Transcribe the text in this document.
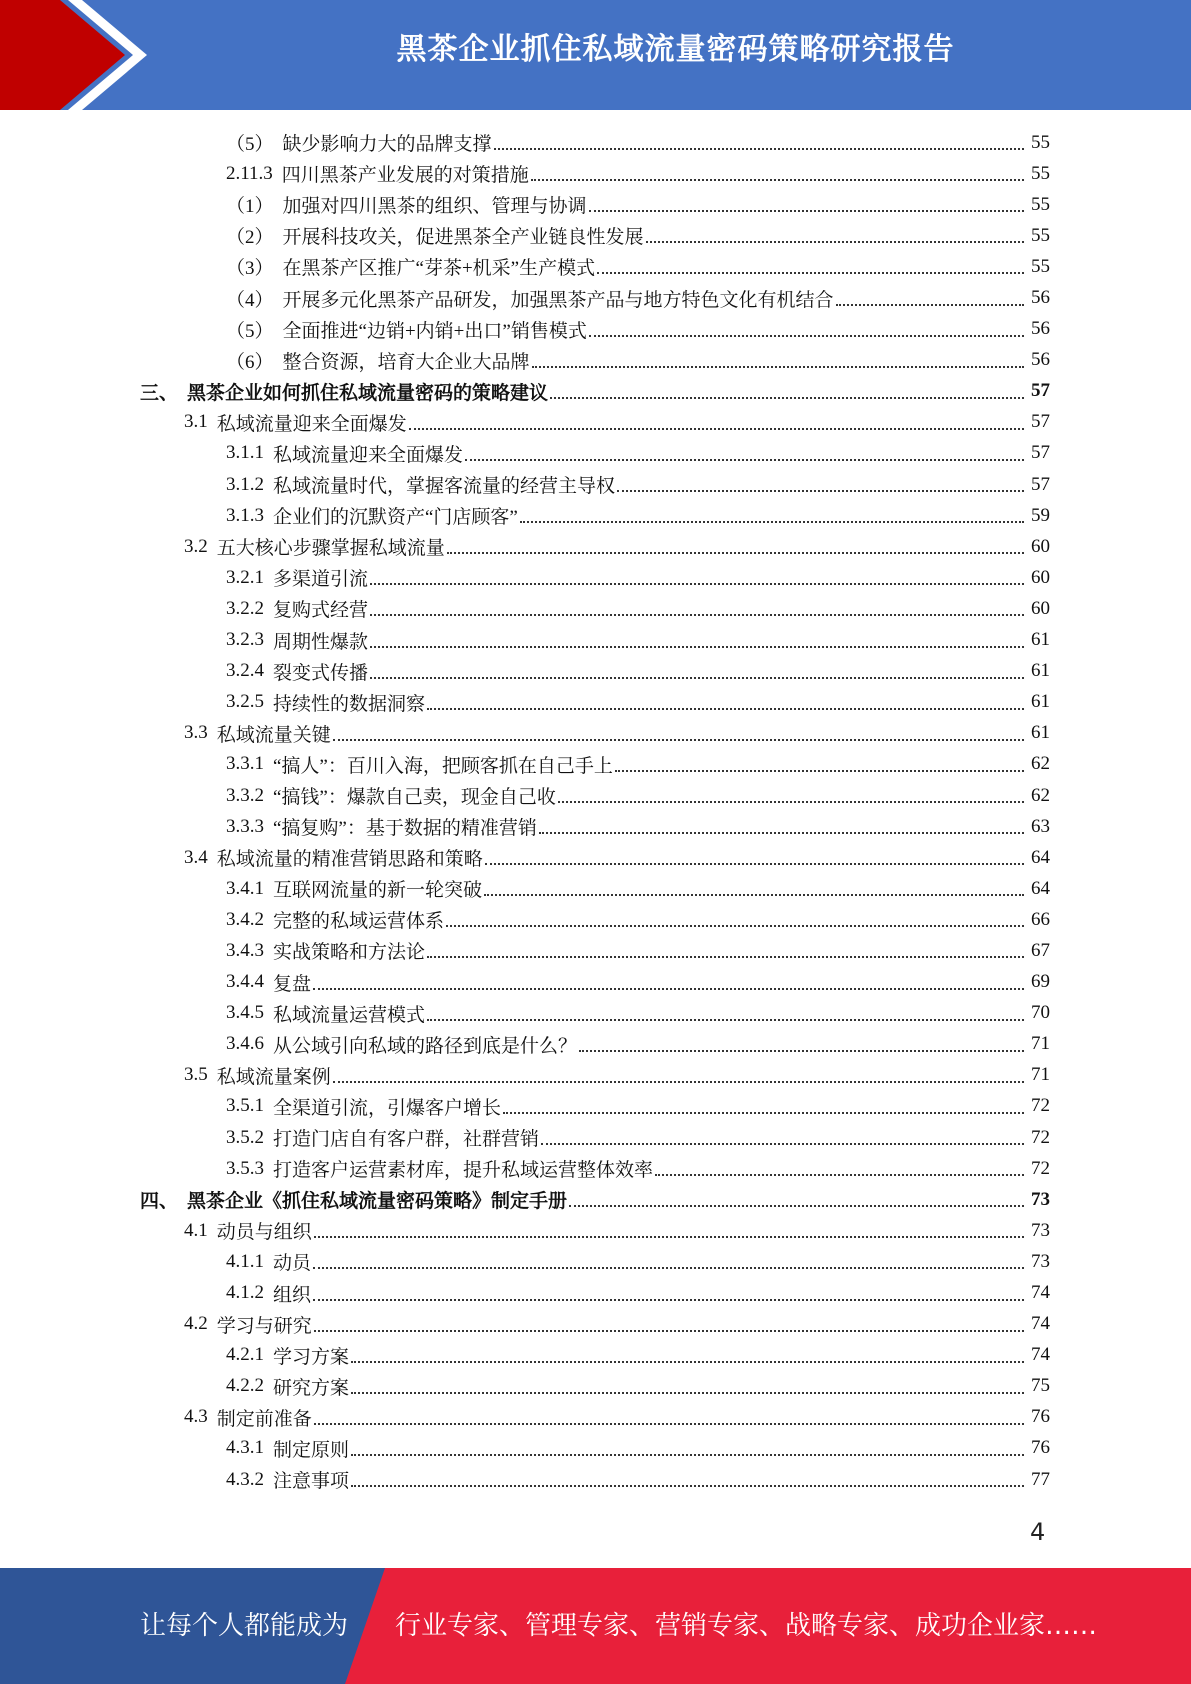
黑茶企业抓住私域流量密码策略研究报告
（5） 缺少影响力大的品牌支撑	55
2.11.3 四川黑茶产业发展的对策措施	55
（1） 加强对四川黑茶的组织、管理与协调	55
（2） 开展科技攻关，促进黑茶全产业链良性发展	55
（3） 在黑茶产区推广“芽茶+机采”生产模式	55
（4） 开展多元化黑茶产品研发，加强黑茶产品与地方特色文化有机结合	56
（5） 全面推进“边销+内销+出口”销售模式	56
（6） 整合资源，培育大企业大品牌	56
三、 黑茶企业如何抓住私域流量密码的策略建议	57
3.1 私域流量迎来全面爆发	57
3.1.1 私域流量迎来全面爆发	57
3.1.2 私域流量时代，掌握客流量的经营主导权	57
3.1.3 企业们的沉默资产“门店顾客”	59
3.2 五大核心步骤掌握私域流量	60
3.2.1 多渠道引流	60
3.2.2 复购式经营	60
3.2.3 周期性爆款	61
3.2.4 裂变式传播	61
3.2.5 持续性的数据洞察	61
3.3 私域流量关键	61
3.3.1 “搞人”：百川入海，把顾客抓在自己手上	62
3.3.2 “搞钱”：爆款自己卖，现金自己收	62
3.3.3 “搞复购”：基于数据的精准营销	63
3.4 私域流量的精准营销思路和策略	64
3.4.1 互联网流量的新一轮突破	64
3.4.2 完整的私域运营体系	66
3.4.3 实战策略和方法论	67
3.4.4 复盘	69
3.4.5 私域流量运营模式	70
3.4.6 从公域引向私域的路径到底是什么？	71
3.5 私域流量案例	71
3.5.1 全渠道引流，引爆客户增长	72
3.5.2 打造门店自有客户群，社群营销	72
3.5.3 打造客户运营素材库，提升私域运营整体效率	72
四、 黑茶企业《抓住私域流量密码策略》制定手册	73
4.1 动员与组织	73
4.1.1 动员	73
4.1.2 组织	74
4.2 学习与研究	74
4.2.1 学习方案	74
4.2.2 研究方案	75
4.3 制定前准备	76
4.3.1 制定原则	76
4.3.2 注意事项	77
4
让每个人都能成为 行业专家、管理专家、营销专家、战略专家、成功企业家……
